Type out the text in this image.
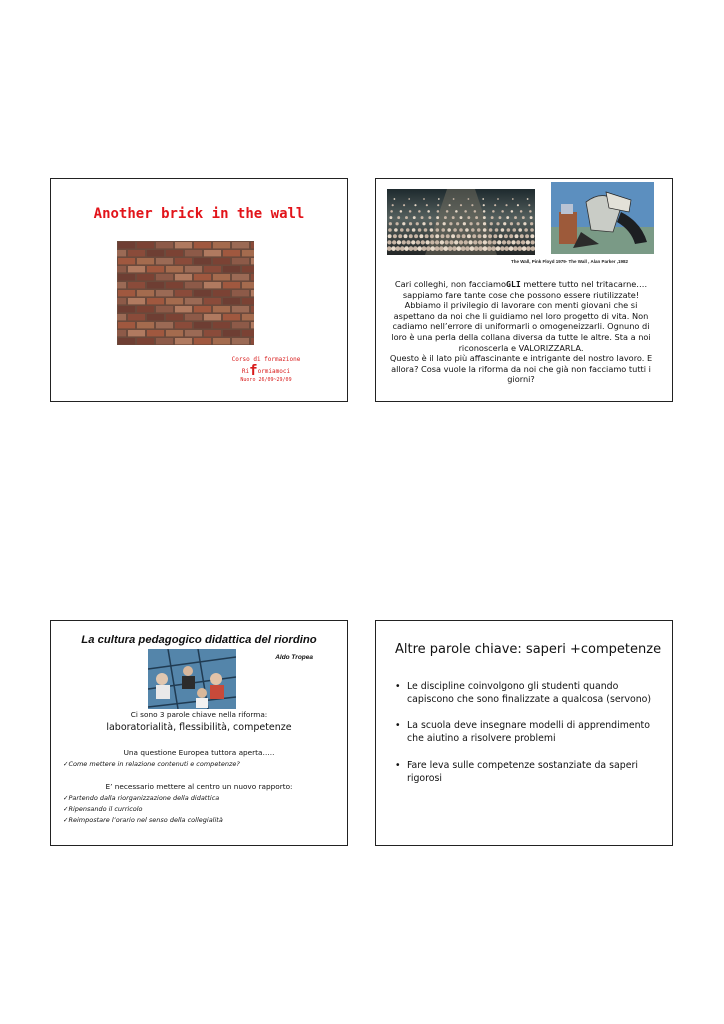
Another brick in the wall
Corso di formazione
Riformiamoci
Nuoro 26/09~29/09
The Wall, Pink Floyd 1979- The Wall , Alan Parker ,1982
Cari colleghi, non facciamoGLI mettere tutto nel tritacarne…. sappiamo fare tante cose che possono essere riutilizzate! Abbiamo il privilegio di lavorare con menti giovani che si aspettano da noi che li guidiamo nel loro progetto di vita. Non cadiamo nell’errore di uniformarli o omogeneizzarli. Ognuno di loro è una perla della collana diversa da tutte le altre. Sta a noi riconoscerla e VALORIZZARLA.
Questo è il lato più affascinante e intrigante del nostro lavoro. E allora? Cosa vuole la riforma da noi che già non facciamo tutti i giorni?
La cultura pedagogico didattica del riordino
Aldo Tropea
Ci sono 3 parole chiave nella riforma:
laboratorialità, flessibilità, competenze
Una questione Europea tuttora aperta…..
✓Come mettere in relazione contenuti e competenze?
E’ necessario mettere al centro un nuovo rapporto:
✓Partendo dalla riorganizzazione della didattica
✓Ripensando il curricolo
✓Reimpostare l’orario nel senso della collegialità
Altre parole chiave: saperi +competenze
• Le discipline coinvolgono gli studenti quando capiscono che sono finalizzate a qualcosa (servono)
• La scuola deve insegnare modelli di apprendimento che aiutino a risolvere problemi
• Fare leva sulle competenze sostanziate da saperi rigorosi
